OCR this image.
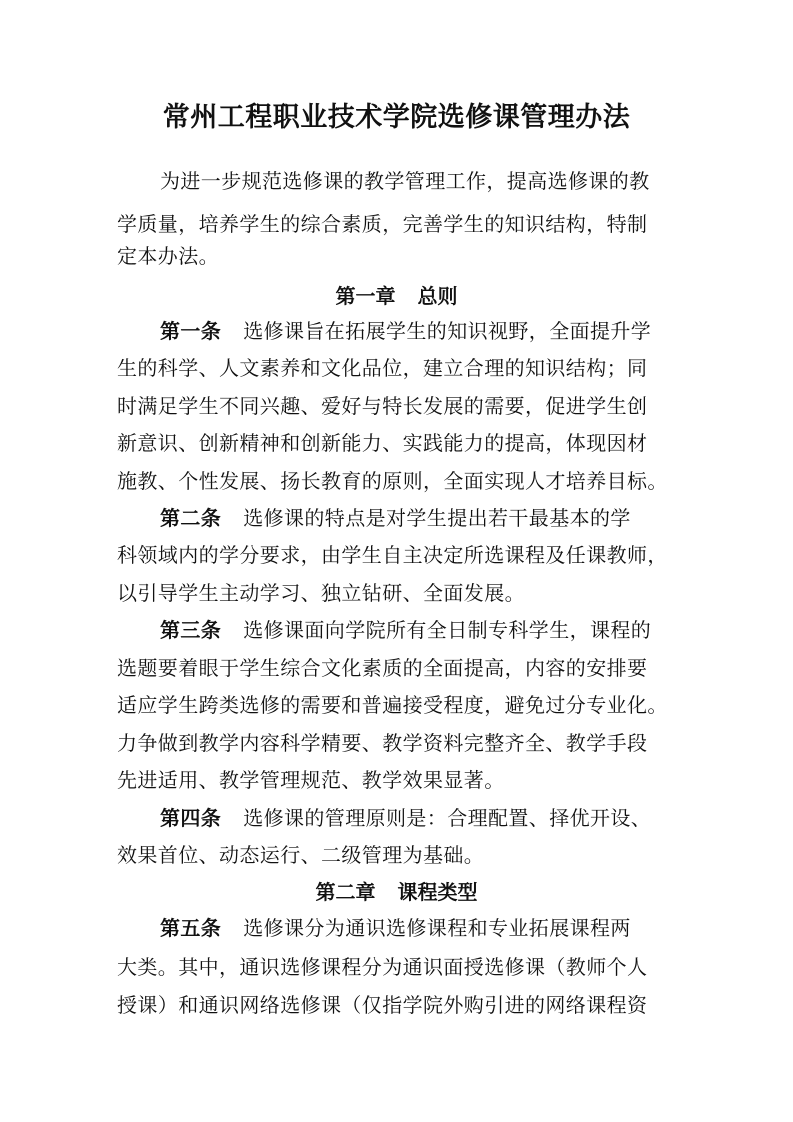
常州工程职业技术学院选修课管理办法
为进一步规范选修课的教学管理工作，提高选修课的教
学质量，培养学生的综合素质，完善学生的知识结构，特制
定本办法。
第一章 总则
第一条 选修课旨在拓展学生的知识视野，全面提升学
生的科学、人文素养和文化品位，建立合理的知识结构；同
时满足学生不同兴趣、爱好与特长发展的需要，促进学生创
新意识、创新精神和创新能力、实践能力的提高，体现因材
施教、个性发展、扬长教育的原则，全面实现人才培养目标。
第二条 选修课的特点是对学生提出若干最基本的学
科领域内的学分要求，由学生自主决定所选课程及任课教师，
以引导学生主动学习、独立钻研、全面发展。
第三条 选修课面向学院所有全日制专科学生，课程的
选题要着眼于学生综合文化素质的全面提高，内容的安排要
适应学生跨类选修的需要和普遍接受程度，避免过分专业化。
力争做到教学内容科学精要、教学资料完整齐全、教学手段
先进适用、教学管理规范、教学效果显著。
第四条 选修课的管理原则是：合理配置、择优开设、
效果首位、动态运行、二级管理为基础。
第二章 课程类型
第五条 选修课分为通识选修课程和专业拓展课程两
大类。其中，通识选修课程分为通识面授选修课（教师个人
授课）和通识网络选修课（仅指学院外购引进的网络课程资
